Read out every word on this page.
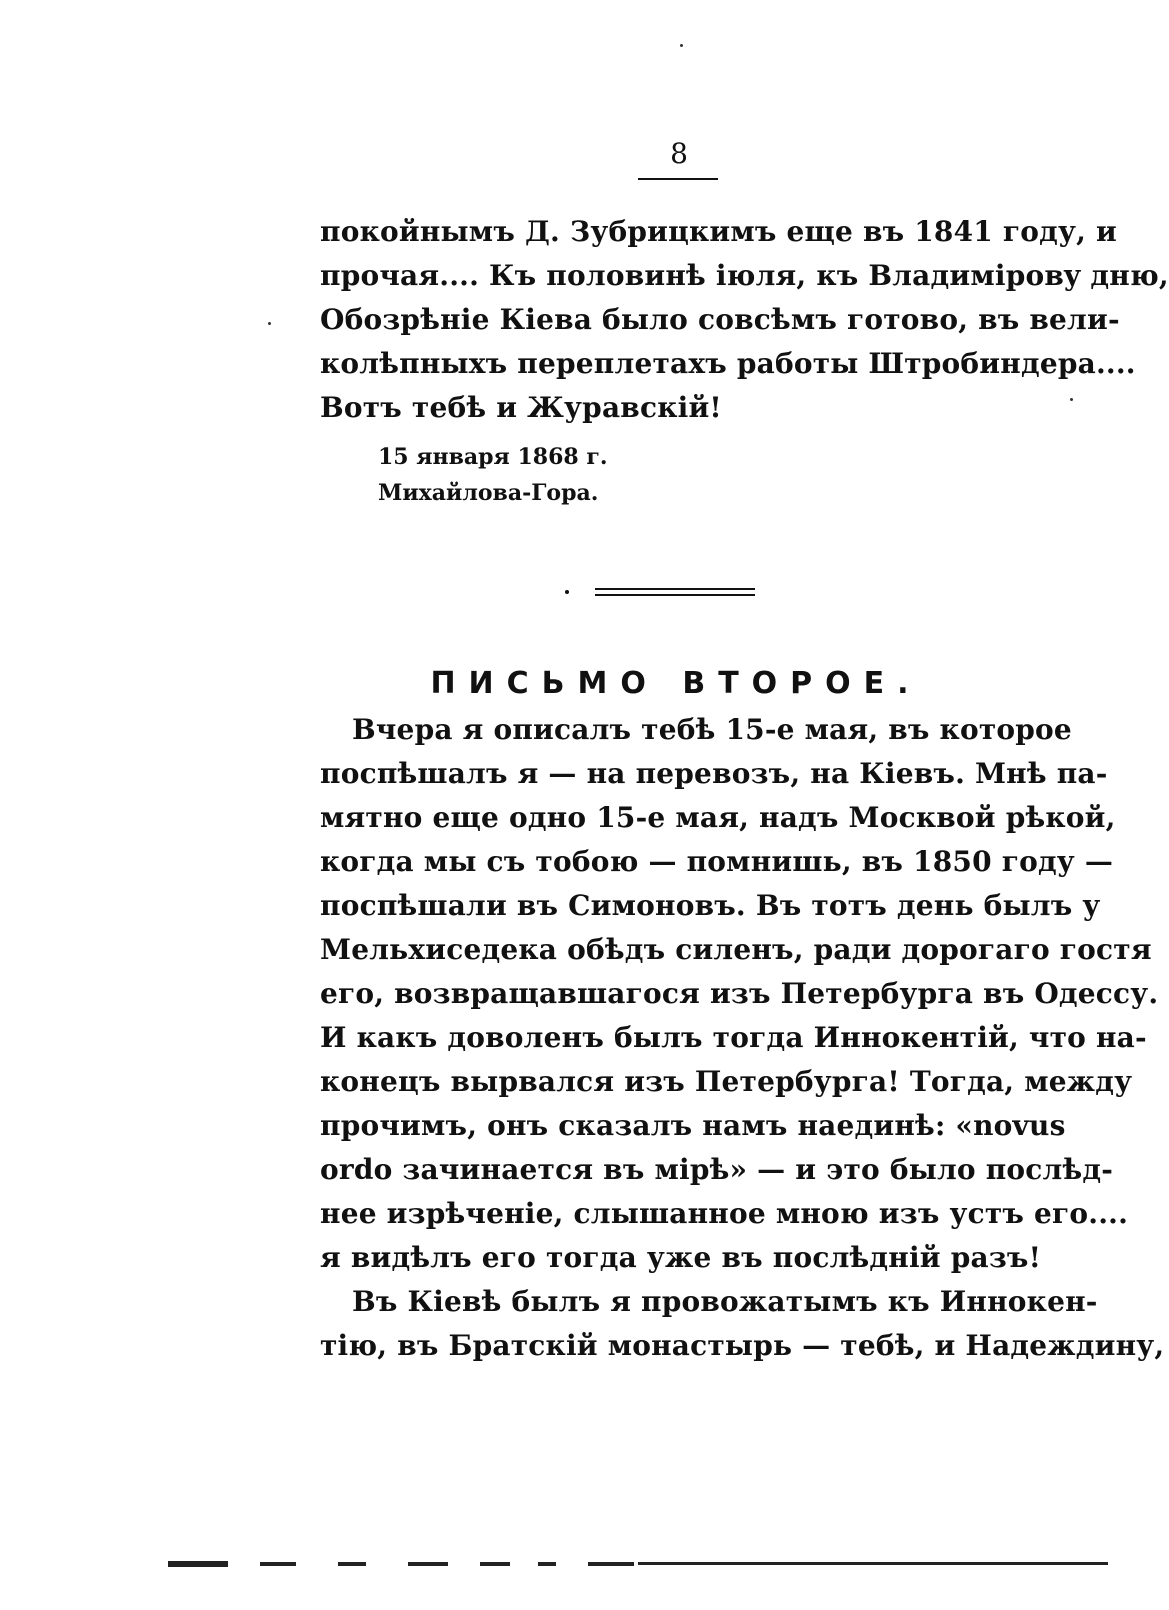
8
покойнымъ Д. Зубрицкимъ еще въ 1841 году, и
прочая.... Къ половинѣ іюля, къ Владиміровy дню,
Обозрѣніе Кіева было совсѣмъ готово, въ вели-
колѣпныхъ переплетахъ работы Штробиндера....
Вотъ тебѣ и Журавскій!
15 января 1868 г.
Михайлова-Гора.
ПИСЬМО ВТОРОЕ.
Вчера я описалъ тебѣ 15-е мая, въ которое
поспѣшалъ я — на перевозъ, на Кіевъ. Мнѣ па-
мятно еще одно 15-е мая, надъ Москвой рѣкой,
когда мы съ тобою — помнишь, въ 1850 году —
поспѣшали въ Симоновъ. Въ тотъ день былъ у
Мельхиседека обѣдъ силенъ, ради дорогаго гостя
его, возвращавшагося изъ Петербурга въ Одессу.
И какъ доволенъ былъ тогда Иннокентій, что на-
конецъ вырвался изъ Петербурга! Тогда, между
прочимъ, онъ сказалъ намъ наединѣ: «novus
ordo зачинается въ мірѣ» — и это было послѣд-
нее изрѣченіе, слышанное мною изъ устъ его....
я видѣлъ его тогда уже въ послѣдній разъ!
Въ Кіевѣ былъ я провожатымъ къ Иннокен-
тію, въ Братскій монастырь — тебѣ, и Надеждину,
